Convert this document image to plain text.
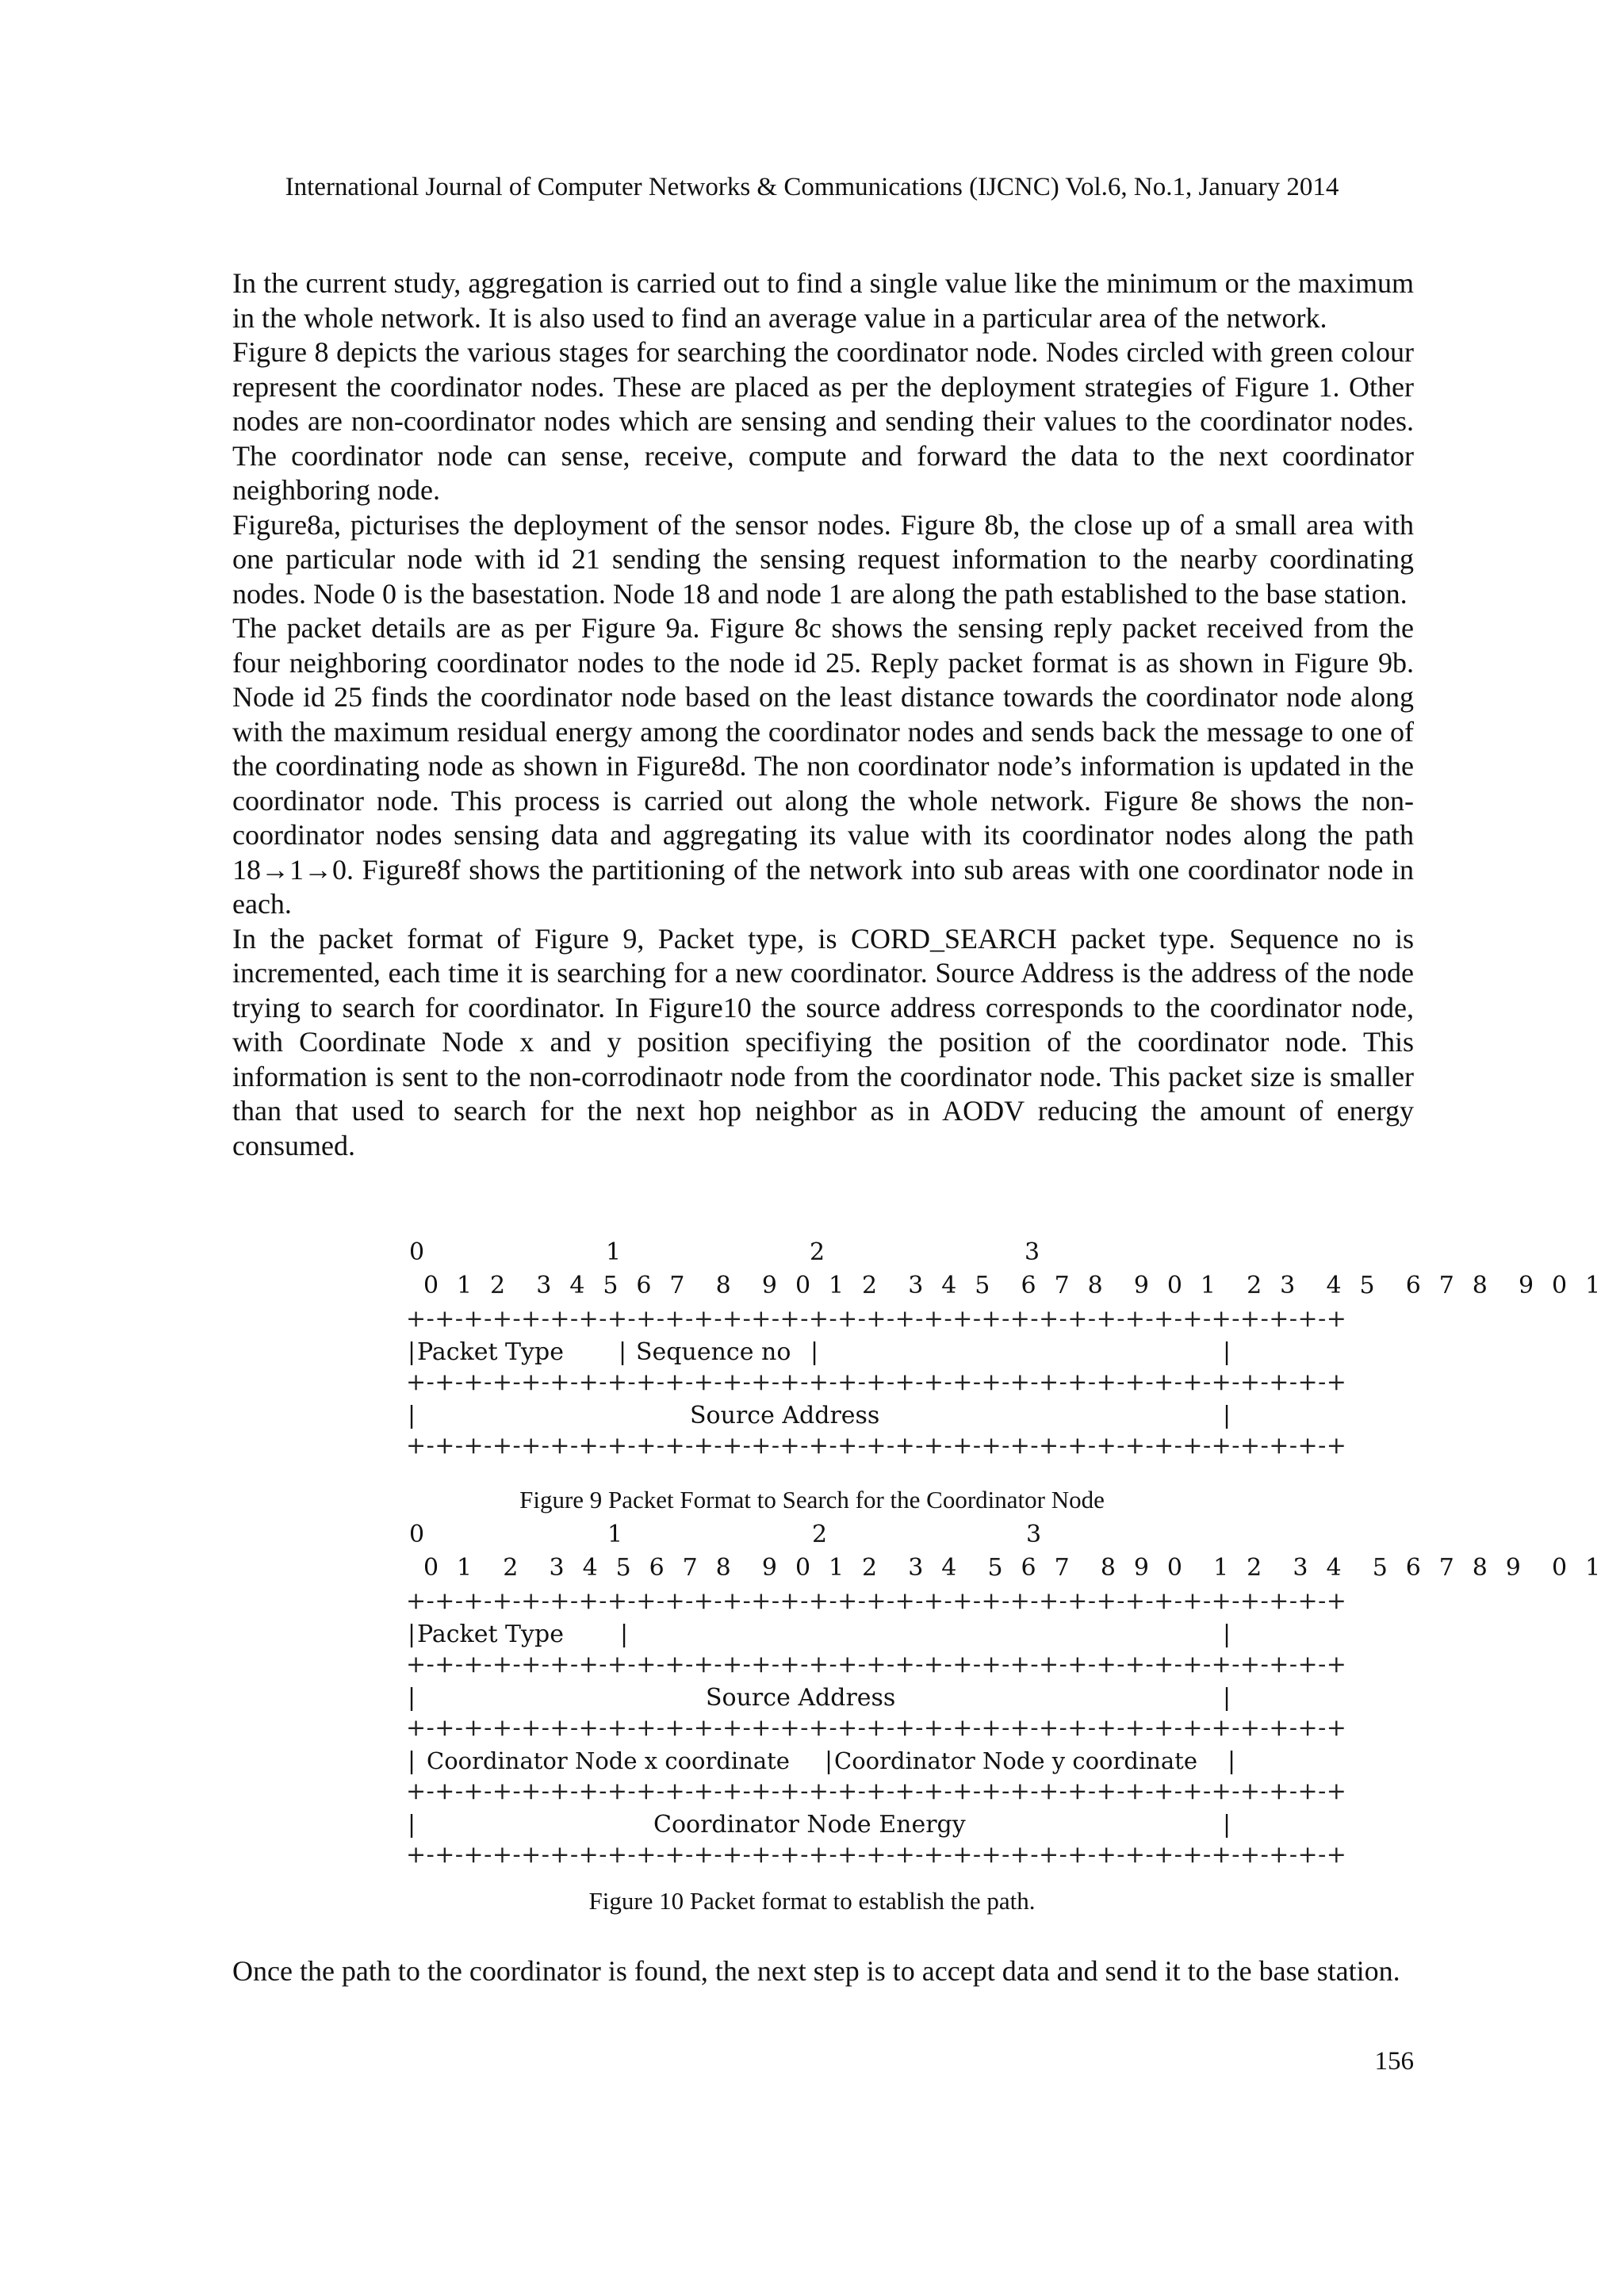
International Journal of Computer Networks & Communications (IJCNC) Vol.6, No.1, January 2014

In the current study, aggregation is carried out to find a single value like the minimum or the maximum in the whole network. It is also used to find an average value in a particular area of the network.

Figure 8 depicts the various stages for searching the coordinator node. Nodes circled with green colour represent the coordinator nodes. These are placed as per the deployment strategies of Figure 1. Other nodes are non-coordinator nodes which are sensing and sending their values to the coordinator nodes. The coordinator node can sense, receive, compute and forward the data to the next coordinator neighboring node.

Figure8a, picturises the deployment of the sensor nodes. Figure 8b, the close up of a small area with one particular node with id 21 sending the sensing request information to the nearby coordinating nodes. Node 0 is the basestation. Node 18 and node 1 are along the path established to the base station.

The packet details are as per Figure 9a. Figure 8c shows the sensing reply packet received from the four neighboring coordinator nodes to the node id 25. Reply packet format is as shown in Figure 9b. Node id 25 finds the coordinator node based on the least distance towards the coordinator node along with the maximum residual energy among the coordinator nodes and sends back the message to one of the coordinating node as shown in Figure8d. The non coordinator node’s information is updated in the coordinator node. This process is carried out along the whole network. Figure 8e shows the non-coordinator nodes sensing data and aggregating its value with its coordinator nodes along the path 18→1→0. Figure8f shows the partitioning of the network into sub areas with one coordinator node in each.

In the packet format of Figure 9, Packet type, is CORD_SEARCH packet type. Sequence no is incremented, each time it is searching for a new coordinator. Source Address is the address of the node trying to search for coordinator. In Figure10 the source address corresponds to the coordinator node, with Coordinate Node x and y position specifiying the position of the coordinator node. This information is sent to the non-corrodinaotr node from the coordinator node. This packet size is smaller than that used to search for the next hop neighbor as in AODV reducing the amount of energy consumed.

0

	1

	2

	3

0 1 2  3 4 5 6 7  8  9 0 1 2  3 4 5  6 7 8  9 0 1  2 3  4 5  6 7 8  9 0 1
+-+-+-+-+-+-+-+-+-+-+-+-+-+-+-+-+-+-+-+-+-+-+-+-+-+-+-+-+-+-+-+-+
| Packet Type | Sequence no |	|
+-+-+-+-+-+-+-+-+-+-+-+-+-+-+-+-+-+-+-+-+-+-+-+-+-+-+-+-+-+-+-+-+
|	Source Address	|
+-+-+-+-+-+-+-+-+-+-+-+-+-+-+-+-+-+-+-+-+-+-+-+-+-+-+-+-+-+-+-+-+
Figure 9 Packet Format to Search for the Coordinator Node

0

	1

	2

	3

0 1  2  3 4 5 6 7 8  9 0 1 2  3 4  5 6 7  8 9 0  1 2  3 4  5 6 7 8 9  0 1
+-+-+-+-+-+-+-+-+-+-+-+-+-+-+-+-+-+-+-+-+-+-+-+-+-+-+-+-+-+-+-+-+
| Packet Type |	|
+-+-+-+-+-+-+-+-+-+-+-+-+-+-+-+-+-+-+-+-+-+-+-+-+-+-+-+-+-+-+-+-+
|	Source Address	|
+-+-+-+-+-+-+-+-+-+-+-+-+-+-+-+-+-+-+-+-+-+-+-+-+-+-+-+-+-+-+-+-+
| Coordinator Node x coordinate | Coordinator Node y coordinate |
+-+-+-+-+-+-+-+-+-+-+-+-+-+-+-+-+-+-+-+-+-+-+-+-+-+-+-+-+-+-+-+-+
|	Coordinator Node Energy	|
+-+-+-+-+-+-+-+-+-+-+-+-+-+-+-+-+-+-+-+-+-+-+-+-+-+-+-+-+-+-+-+-+
Figure 10 Packet format to establish the path.

Once the path to the coordinator is found, the next step is to accept data and send it to the base station.

156
